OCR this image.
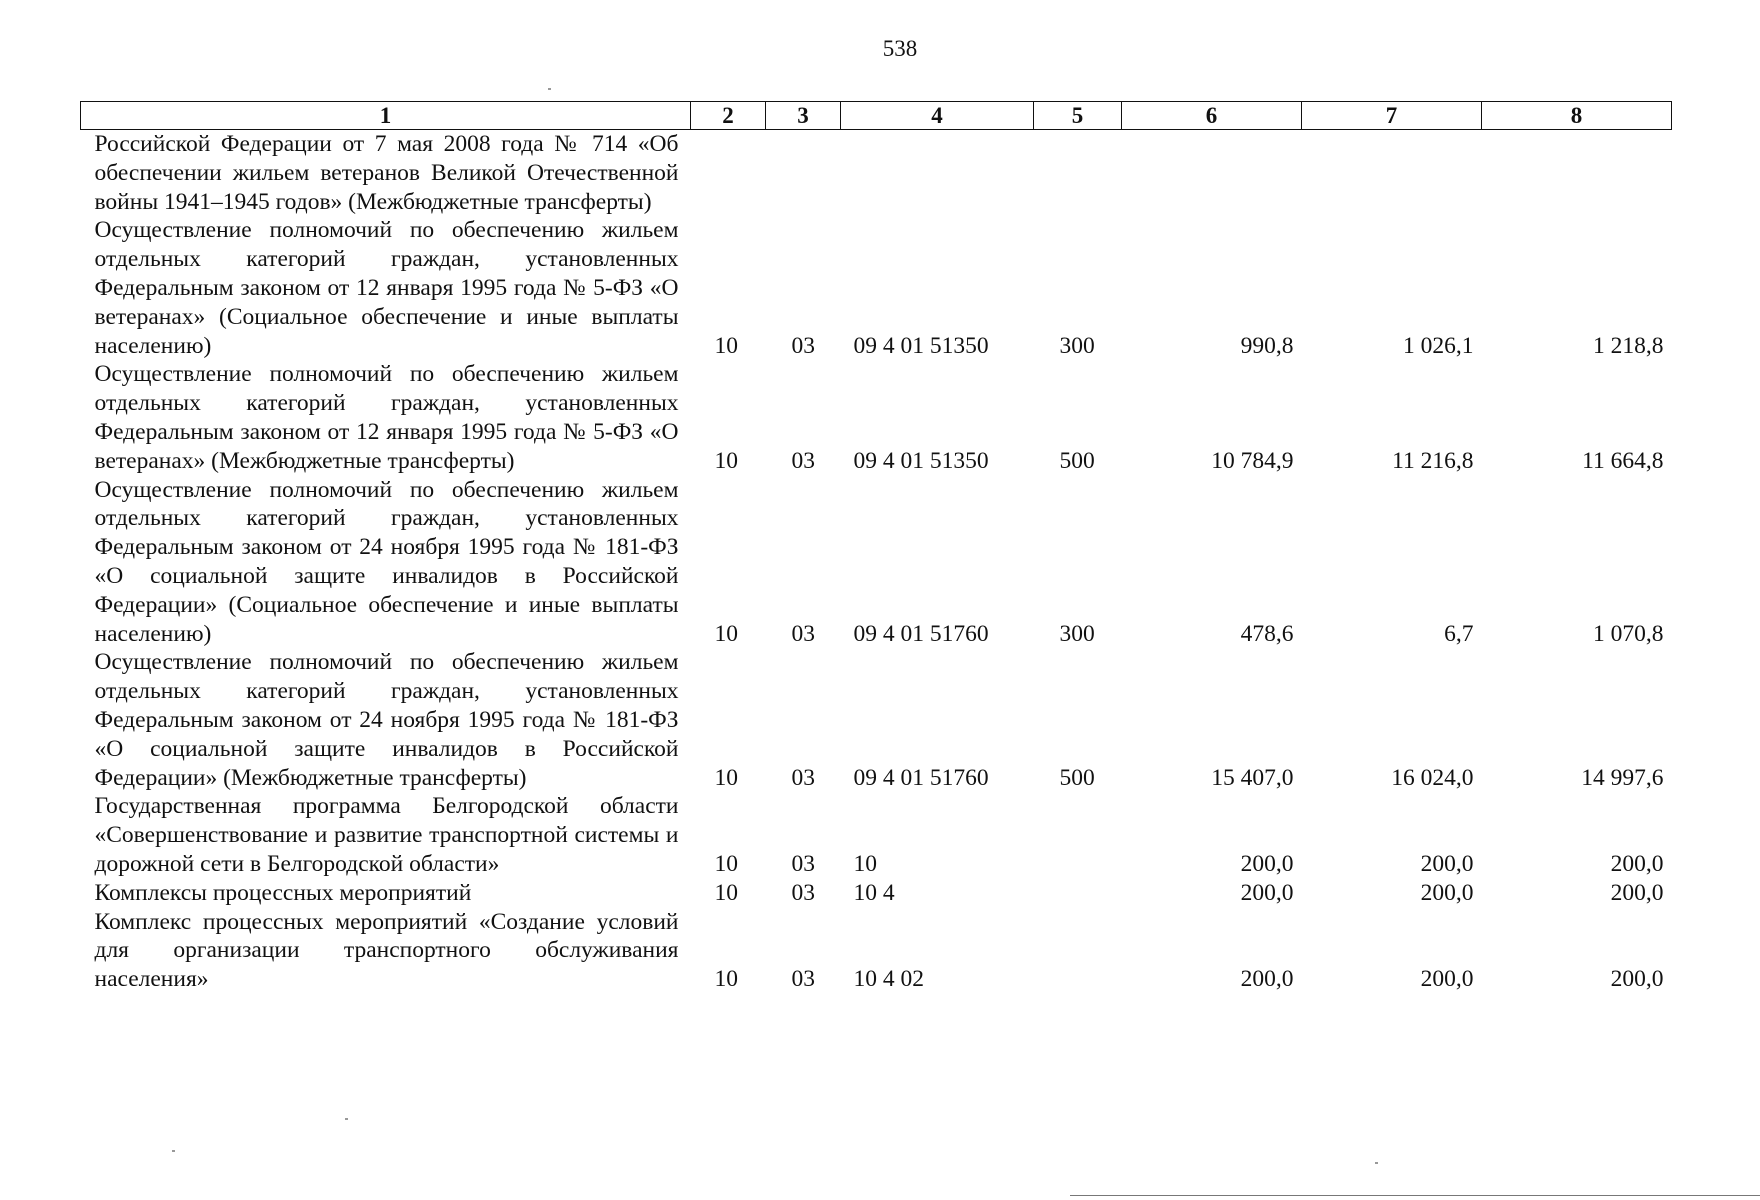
538
1	2	3	4	5	6	7	8
Российской Федерации от 7 мая 2008 года № 714 «Об обеспечении жильем ветеранов Великой Отечественной войны 1941–1945 годов» (Межбюджетные трансферты)							
Осуществление полномочий по обеспечению жильем отдельных категорий граждан, установленных Федеральным законом от 12 января 1995 года № 5-ФЗ «О ветеранах» (Социальное обеспечение и иные выплаты населению)	10	03	09 4 01 51350	300	990,8	1 026,1	1 218,8
Осуществление полномочий по обеспечению жильем отдельных категорий граждан, установленных Федеральным законом от 12 января 1995 года № 5-ФЗ «О ветеранах» (Межбюджетные трансферты)	10	03	09 4 01 51350	500	10 784,9	11 216,8	11 664,8
Осуществление полномочий по обеспечению жильем отдельных категорий граждан, установленных Федеральным законом от 24 ноября 1995 года № 181-ФЗ «О социальной защите инвалидов в Российской Федерации» (Социальное обеспечение и иные выплаты населению)	10	03	09 4 01 51760	300	478,6	6,7	1 070,8
Осуществление полномочий по обеспечению жильем отдельных категорий граждан, установленных Федеральным законом от 24 ноября 1995 года № 181-ФЗ «О социальной защите инвалидов в Российской Федерации» (Межбюджетные трансферты)	10	03	09 4 01 51760	500	15 407,0	16 024,0	14 997,6
Государственная программа Белгородской области «Совершенствование и развитие транспортной системы и дорожной сети в Белгородской области»	10	03	10		200,0	200,0	200,0
Комплексы процессных мероприятий	10	03	10 4		200,0	200,0	200,0
Комплекс процессных мероприятий «Создание условий для организации транспортного обслуживания населения»	10	03	10 4 02		200,0	200,0	200,0
